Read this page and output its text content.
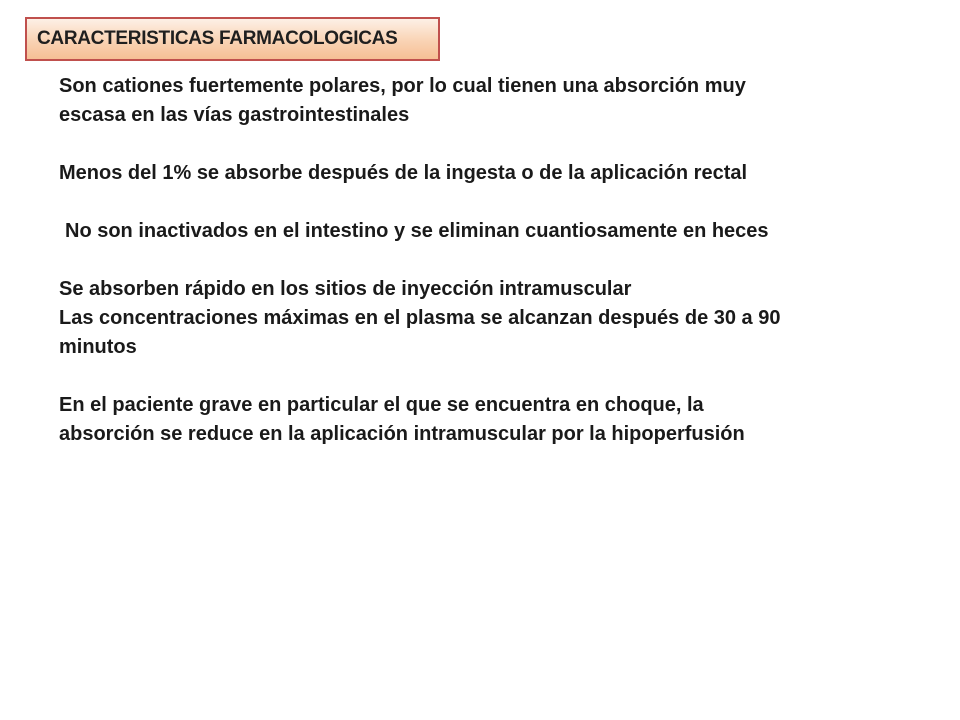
CARACTERISTICAS FARMACOLOGICAS

Son cationes fuertemente polares, por lo cual tienen una absorción muy
escasa en las vías gastrointestinales

Menos del 1% se absorbe después de la ingesta o de la aplicación rectal

No son inactivados en el intestino y se eliminan cuantiosamente en heces

Se absorben rápido en los sitios de inyección intramuscular

Las concentraciones máximas en el plasma se alcanzan después de 30 a 90
minutos

En el paciente grave en particular el que se encuentra en choque, la
absorción se reduce en la aplicación intramuscular por la hipoperfusión
